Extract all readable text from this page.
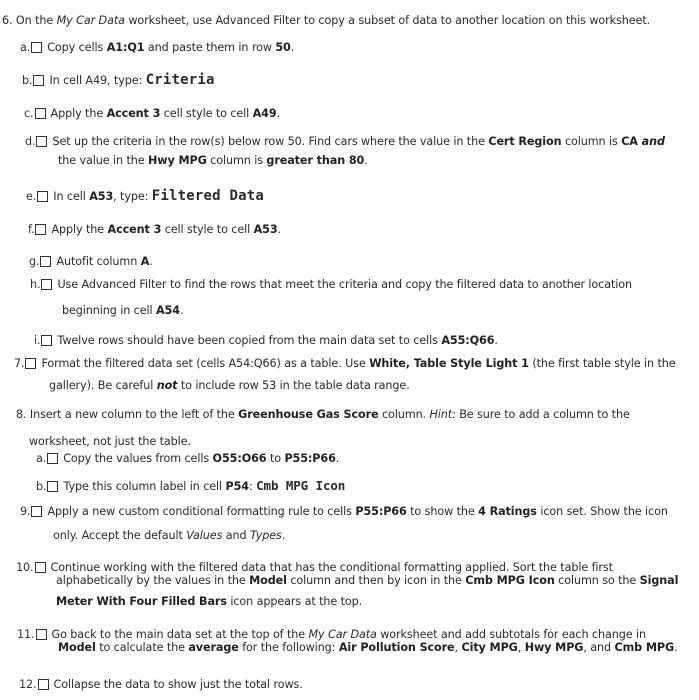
6. On the My Car Data worksheet, use Advanced Filter to copy a subset of data to another location on this worksheet.
a. Copy cells A1:Q1 and paste them in row 50.
b. In cell A49, type: Criteria
c. Apply the Accent 3 cell style to cell A49.
d. Set up the criteria in the row(s) below row 50. Find cars where the value in the Cert Region column is CA and
the value in the Hwy MPG column is greater than 80.
e. In cell A53, type: Filtered Data
f. Apply the Accent 3 cell style to cell A53.
g. Autofit column A.
h. Use Advanced Filter to find the rows that meet the criteria and copy the filtered data to another location
beginning in cell A54.
i. Twelve rows should have been copied from the main data set to cells A55:Q66.
7. Format the filtered data set (cells A54:Q66) as a table. Use White, Table Style Light 1 (the first table style in the
gallery). Be careful not to include row 53 in the table data range.
8. Insert a new column to the left of the Greenhouse Gas Score column. Hint: Be sure to add a column to the
worksheet, not just the table.
a. Copy the values from cells O55:O66 to P55:P66.
b. Type this column label in cell P54: Cmb MPG Icon
9. Apply a new custom conditional formatting rule to cells P55:P66 to show the 4 Ratings icon set. Show the icon
only. Accept the default Values and Types.
10. Continue working with the filtered data that has the conditional formatting applied. Sort the table first
alphabetically by the values in the Model column and then by icon in the Cmb MPG Icon column so the Signal
Meter With Four Filled Bars icon appears at the top.
11. Go back to the main data set at the top of the My Car Data worksheet and add subtotals for each change in
Model to calculate the average for the following: Air Pollution Score, City MPG, Hwy MPG, and Cmb MPG.
12. Collapse the data to show just the total rows.
